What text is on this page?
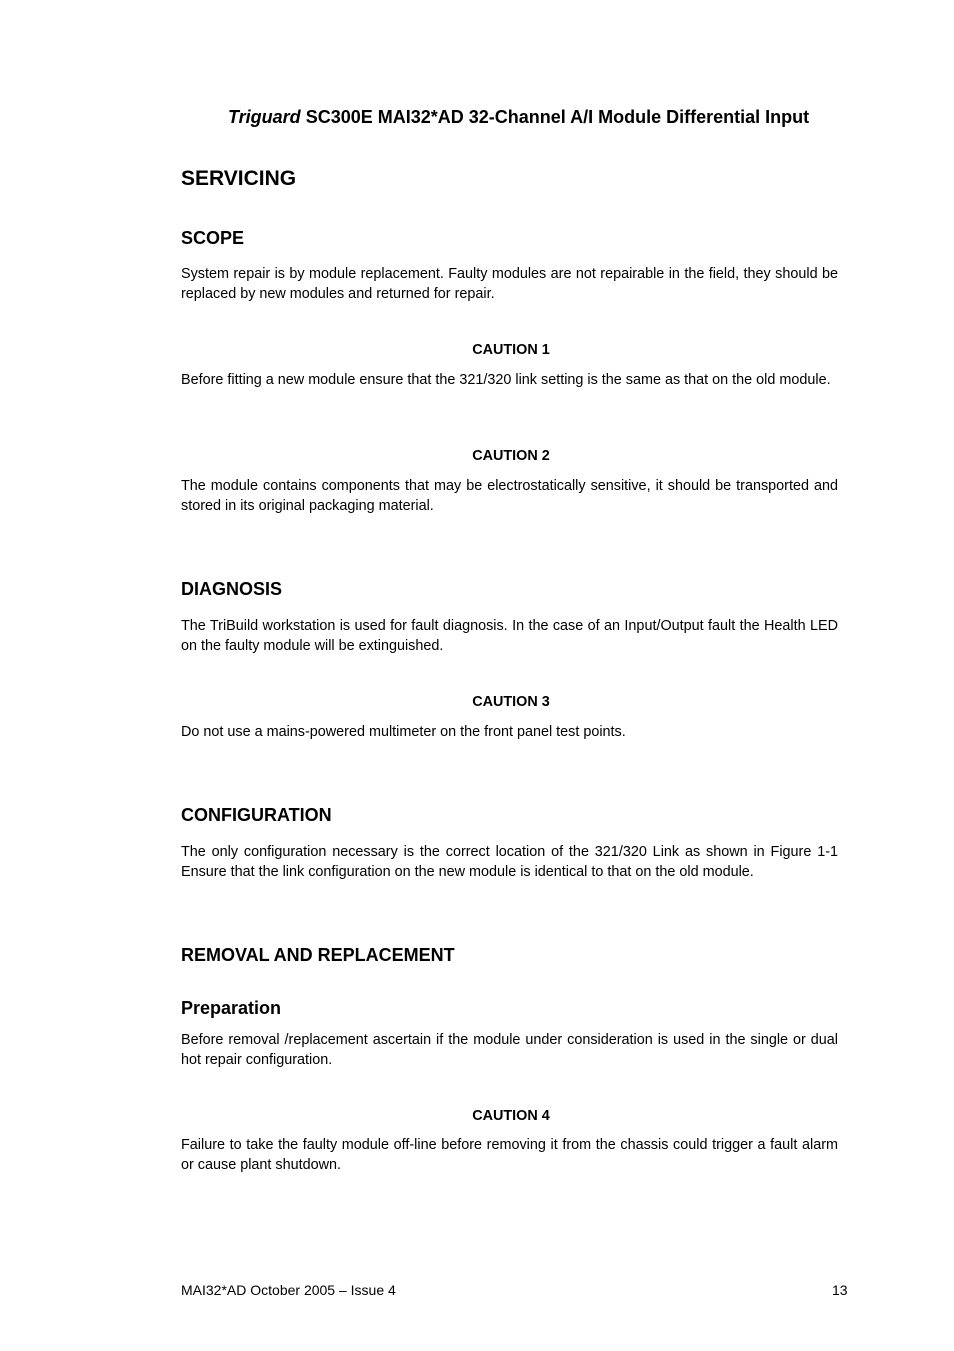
Triguard SC300E MAI32*AD 32-Channel A/I Module Differential Input
SERVICING
SCOPE
System repair is by module replacement. Faulty modules are not repairable in the field, they should be replaced by new modules and returned for repair.
CAUTION 1
Before fitting a new module ensure that the 321/320 link setting is the same as that on the old module.
CAUTION 2
The module contains components that may be electrostatically sensitive, it should be transported and stored in its original packaging material.
DIAGNOSIS
The TriBuild workstation is used for fault diagnosis. In the case of an Input/Output fault the Health LED on the faulty module will be extinguished.
CAUTION 3
Do not use a mains-powered multimeter on the front panel test points.
CONFIGURATION
The only configuration necessary is the correct location of the 321/320 Link as shown in Figure 1-1 Ensure that the link configuration on the new module is identical to that on the old module.
REMOVAL AND REPLACEMENT
Preparation
Before removal /replacement ascertain if the module under consideration is used in the single or dual hot repair configuration.
CAUTION 4
Failure to take the faulty module off-line before removing it from the chassis could trigger a fault alarm or cause plant shutdown.
MAI32*AD October 2005 – Issue 4	13
